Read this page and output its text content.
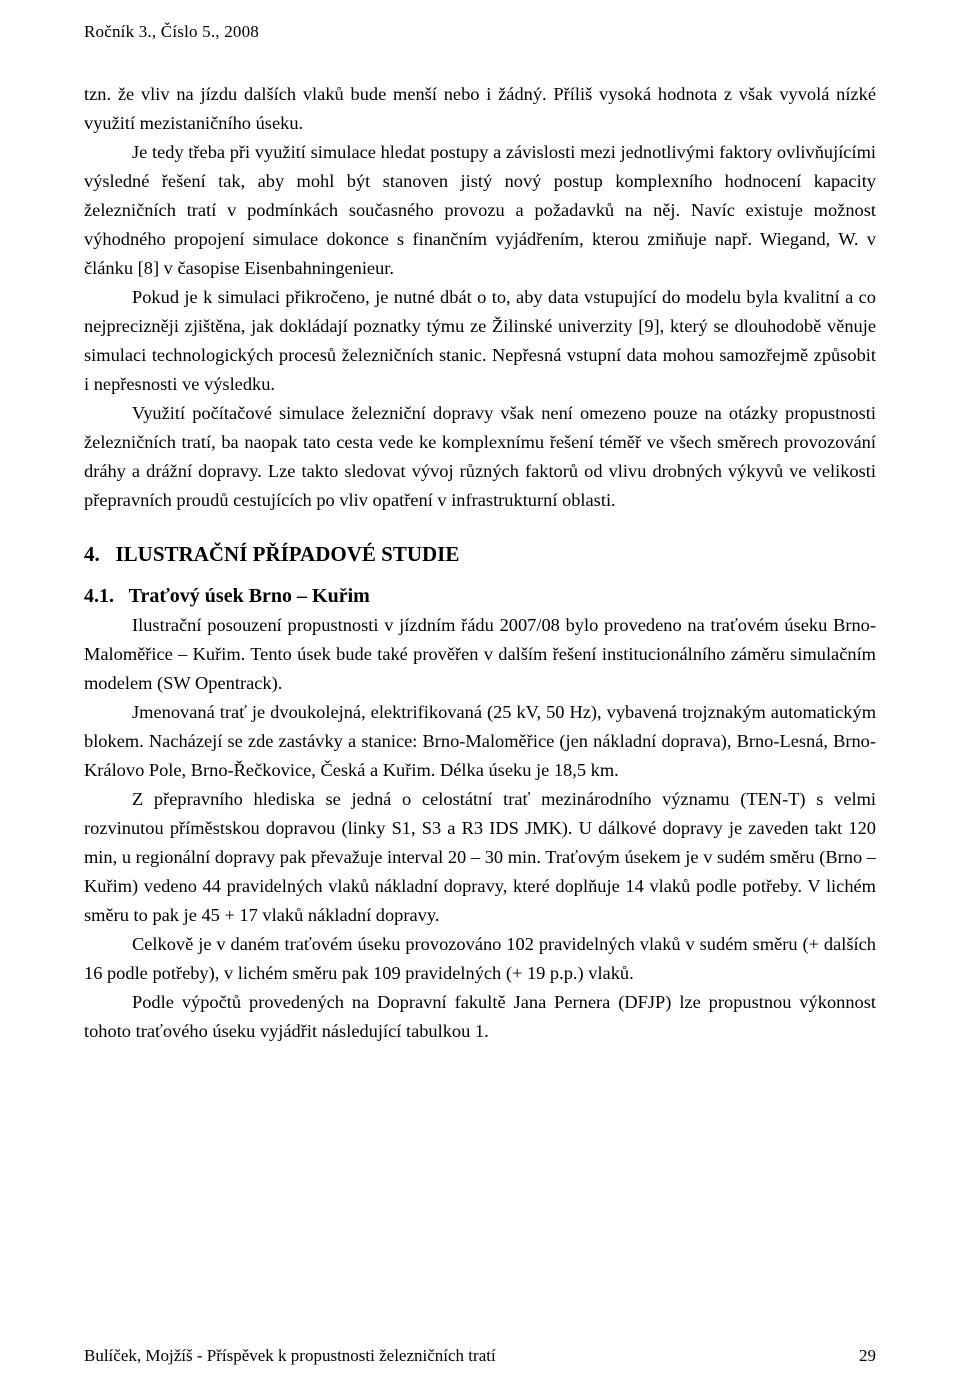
Ročník 3., Číslo 5., 2008

tzn. že vliv na jízdu dalších vlaků bude menší nebo i žádný. Příliš vysoká hodnota z však vyvolá nízké využití mezistaničního úseku.

Je tedy třeba při využití simulace hledat postupy a závislosti mezi jednotlivými faktory ovlivňujícími výsledné řešení tak, aby mohl být stanoven jistý nový postup komplexního hodnocení kapacity železničních tratí v podmínkách současného provozu a požadavků na něj. Navíc existuje možnost výhodného propojení simulace dokonce s finančním vyjádřením, kterou zmiňuje např. Wiegand, W. v článku [8] v časopise Eisenbahningenieur.

Pokud je k simulaci přikročeno, je nutné dbát o to, aby data vstupující do modelu byla kvalitní a co nejprecizněji zjištěna, jak dokládají poznatky týmu ze Žilinské univerzity [9], který se dlouhodobě věnuje simulaci technologických procesů železničních stanic. Nepřesná vstupní data mohou samozřejmě způsobit i nepřesnosti ve výsledku.

Využití počítačové simulace železniční dopravy však není omezeno pouze na otázky propustnosti železničních tratí, ba naopak tato cesta vede ke komplexnímu řešení téměř ve všech směrech provozování dráhy a drážní dopravy. Lze takto sledovat vývoj různých faktorů od vlivu drobných výkyvů ve velikosti přepravních proudů cestujících po vliv opatření v infrastrukturní oblasti.

4.   ILUSTRAČNÍ PŘÍPADOVÉ STUDIE
4.1.   Traťový úsek Brno – Kuřim

Ilustrační posouzení propustnosti v jízdním řádu 2007/08 bylo provedeno na traťovém úseku Brno-Maloměřice – Kuřim. Tento úsek bude také prověřen v dalším řešení institucionálního záměru simulačním modelem (SW Opentrack).

Jmenovaná trať je dvoukolejná, elektrifikovaná (25 kV, 50 Hz), vybavená trojznakým automatickým blokem. Nacházejí se zde zastávky a stanice: Brno-Maloměřice (jen nákladní doprava), Brno-Lesná, Brno-Královo Pole, Brno-Řečkovice, Česká a Kuřim. Délka úseku je 18,5 km.

Z přepravního hlediska se jedná o celostátní trať mezinárodního významu (TEN-T) s velmi rozvinutou příměstskou dopravou (linky S1, S3 a R3 IDS JMK). U dálkové dopravy je zaveden takt 120 min, u regionální dopravy pak převažuje interval 20 – 30 min. Traťovým úsekem je v sudém směru (Brno – Kuřim) vedeno 44 pravidelných vlaků nákladní dopravy, které doplňuje 14 vlaků podle potřeby. V lichém směru to pak je 45 + 17 vlaků nákladní dopravy.

Celkově je v daném traťovém úseku provozováno 102 pravidelných vlaků v sudém směru (+ dalších 16 podle potřeby), v lichém směru pak 109 pravidelných (+ 19 p.p.) vlaků.

Podle výpočtů provedených na Dopravní fakultě Jana Pernera (DFJP) lze propustnou výkonnost tohoto traťového úseku vyjádřit následující tabulkou 1.

Bulíček, Mojžíš - Příspěvek k propustnosti železničních tratí	29
